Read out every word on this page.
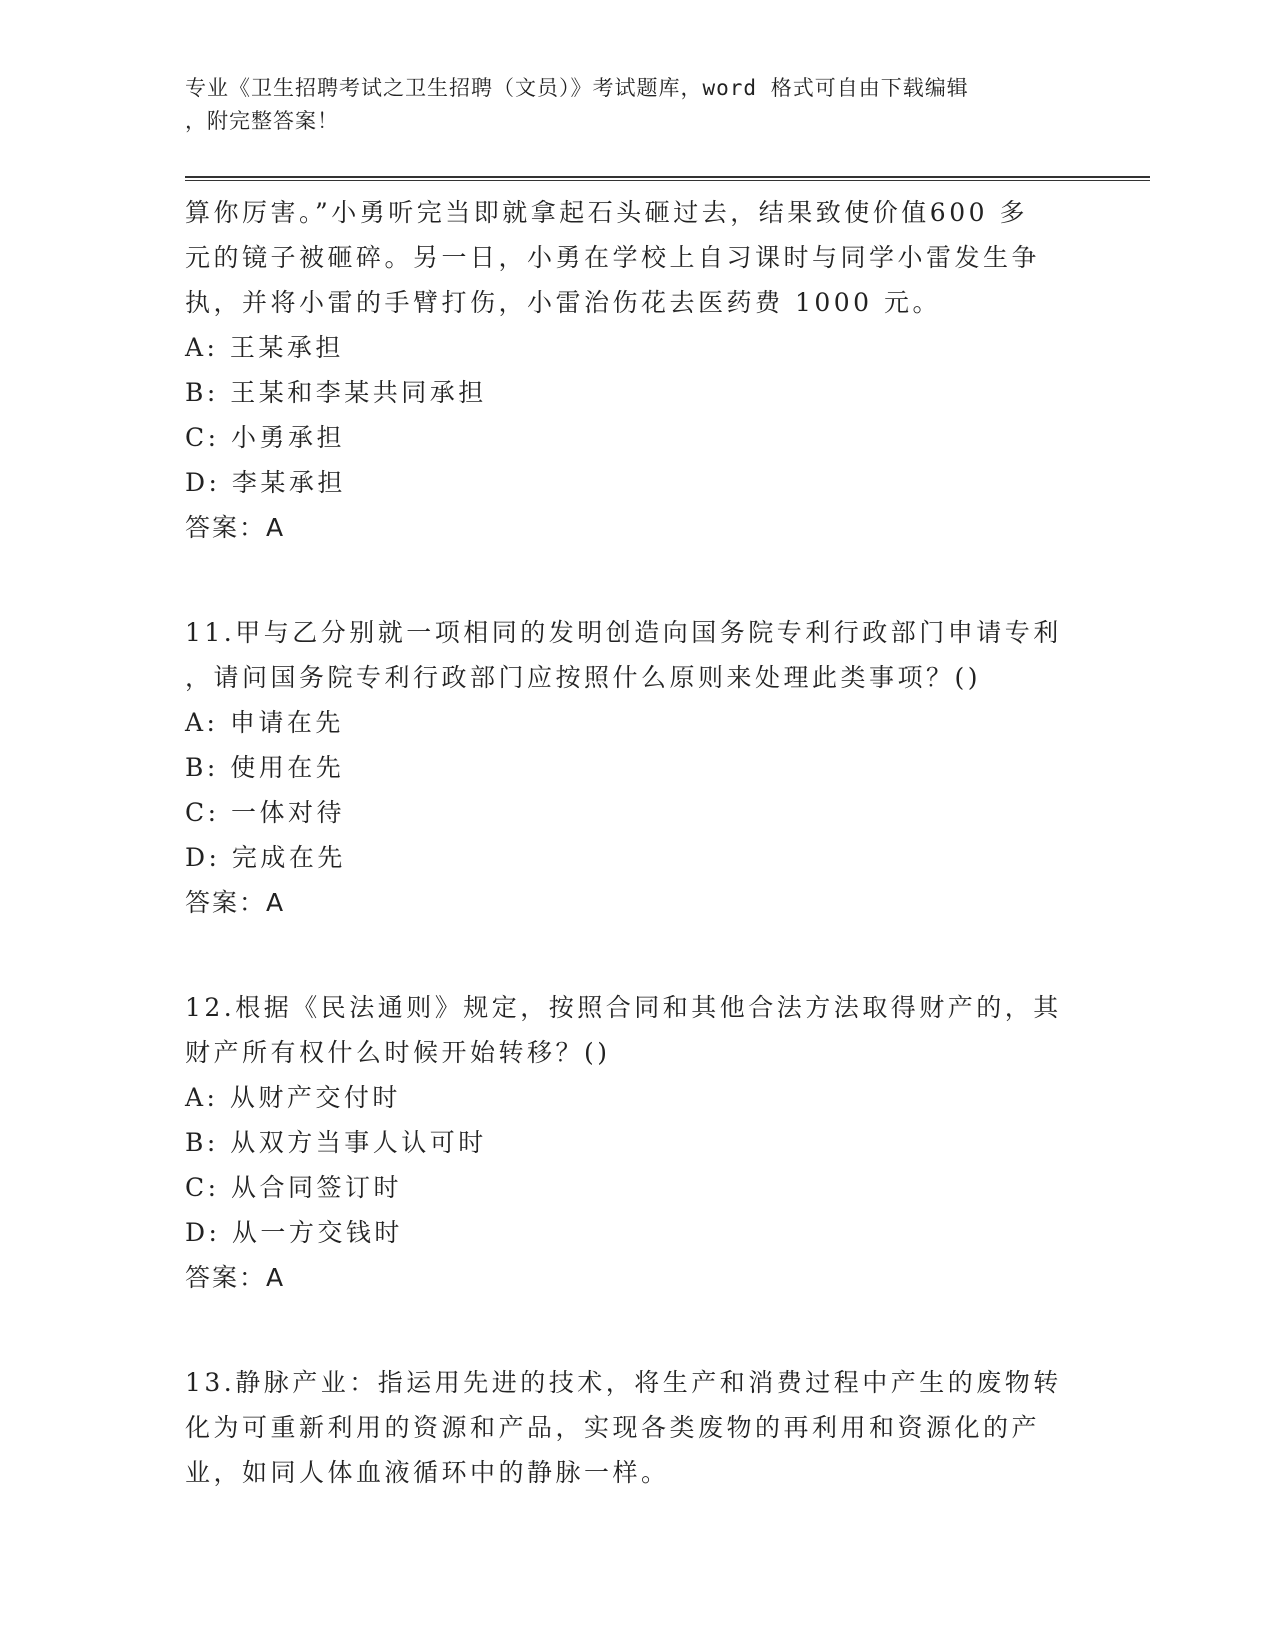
专业《卫生招聘考试之卫生招聘（文员）》考试题库，word 格式可自由下载编辑
，附完整答案！

算你厉害。”小勇听完当即就拿起石头砸过去，结果致使价值600 多

元的镜子被砸碎。另一日，小勇在学校上自习课时与同学小雷发生争

执，并将小雷的手臂打伤，小雷治伤花去医药费 1000 元。

A: 王某承担

B: 王某和李某共同承担

C: 小勇承担

D: 李某承担

答案：A

11.甲与乙分别就一项相同的发明创造向国务院专利行政部门申请专利

，请问国务院专利行政部门应按照什么原则来处理此类事项？()

A: 申请在先

B: 使用在先

C: 一体对待

D: 完成在先

答案：A

12.根据《民法通则》规定，按照合同和其他合法方法取得财产的，其

财产所有权什么时候开始转移？()

A: 从财产交付时

B: 从双方当事人认可时

C: 从合同签订时

D: 从一方交钱时

答案：A

13.静脉产业：指运用先进的技术，将生产和消费过程中产生的废物转

化为可重新利用的资源和产品，实现各类废物的再利用和资源化的产

业，如同人体血液循环中的静脉一样。
